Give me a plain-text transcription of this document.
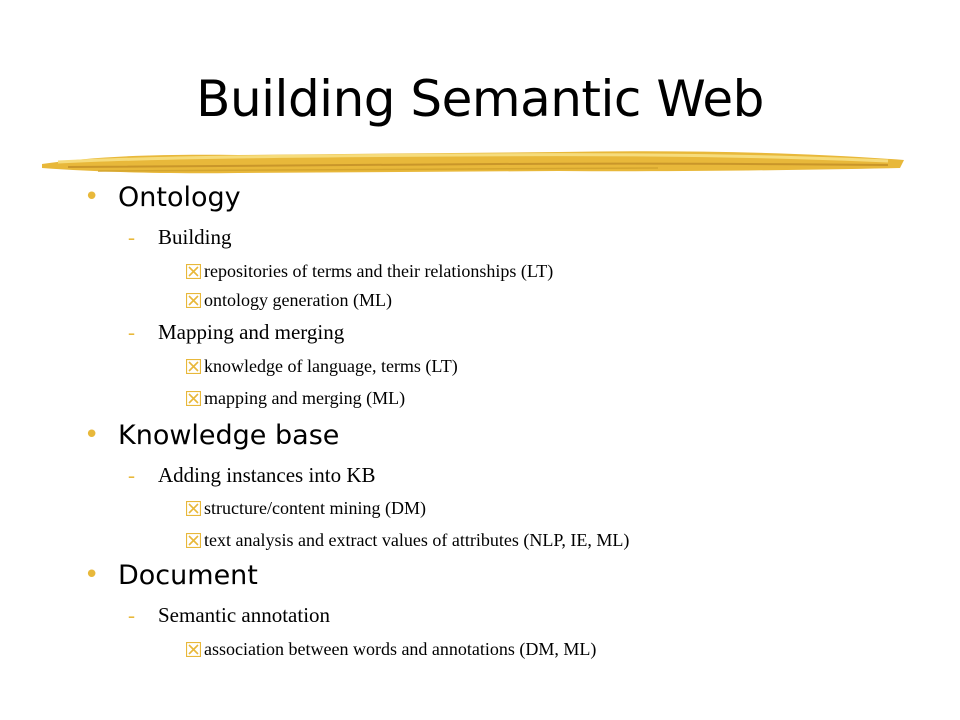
Building Semantic Web
• Ontology
- Building
repositories of terms and their relationships (LT)
ontology generation (ML)
- Mapping and merging
knowledge of language, terms (LT)
mapping and merging (ML)
• Knowledge base
- Adding instances into KB
structure/content mining (DM)
text analysis and extract values of attributes (NLP, IE, ML)
• Document
- Semantic annotation
association between words and annotations (DM, ML)
